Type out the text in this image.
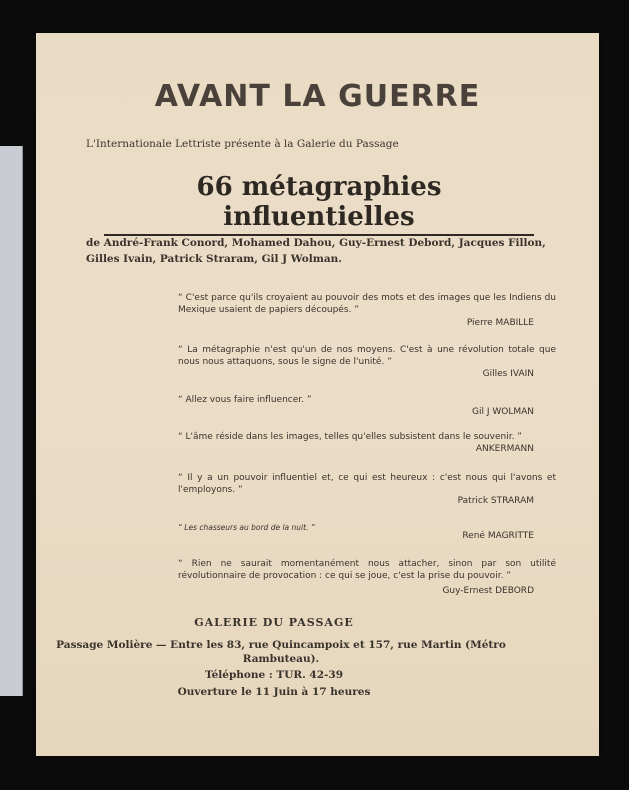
AVANT LA GUERRE
L'Internationale Lettriste présente à la Galerie du Passage
66 métagraphies influentielles
de André-Frank Conord, Mohamed Dahou, Guy-Ernest Debord, Jacques Fillon, Gilles Ivain, Patrick Straram, Gil J Wolman.
“ C'est parce qu'ils croyaient au pouvoir des mots et des images que les Indiens du Mexique usaient de papiers découpés. ”
Pierre MABILLE
“ La métagraphie n'est qu'un de nos moyens. C'est à une révolution totale que nous nous attaquons, sous le signe de l'unité. ”
Gilles IVAIN
“ Allez vous faire influencer. ”
Gil J WOLMAN
“ L'âme réside dans les images, telles qu'elles subsistent dans le souvenir. ”
ANKERMANN
“ Il y a un pouvoir influentiel et, ce qui est heureux : c'est nous qui l'avons et l'employons. ”
Patrick STRARAM
“ Les chasseurs au bord de la nuit. ”
René MAGRITTE
“ Rien ne saurait momentanément nous attacher, sinon par son utilité révolutionnaire de provocation : ce qui se joue, c'est la prise du pouvoir. ”
Guy-Ernest DEBORD
GALERIE DU PASSAGE
Passage Molière — Entre les 83, rue Quincampoix et 157, rue Martin (Métro Rambuteau).
Téléphone : TUR. 42-39
Ouverture le 11 Juin à 17 heures
